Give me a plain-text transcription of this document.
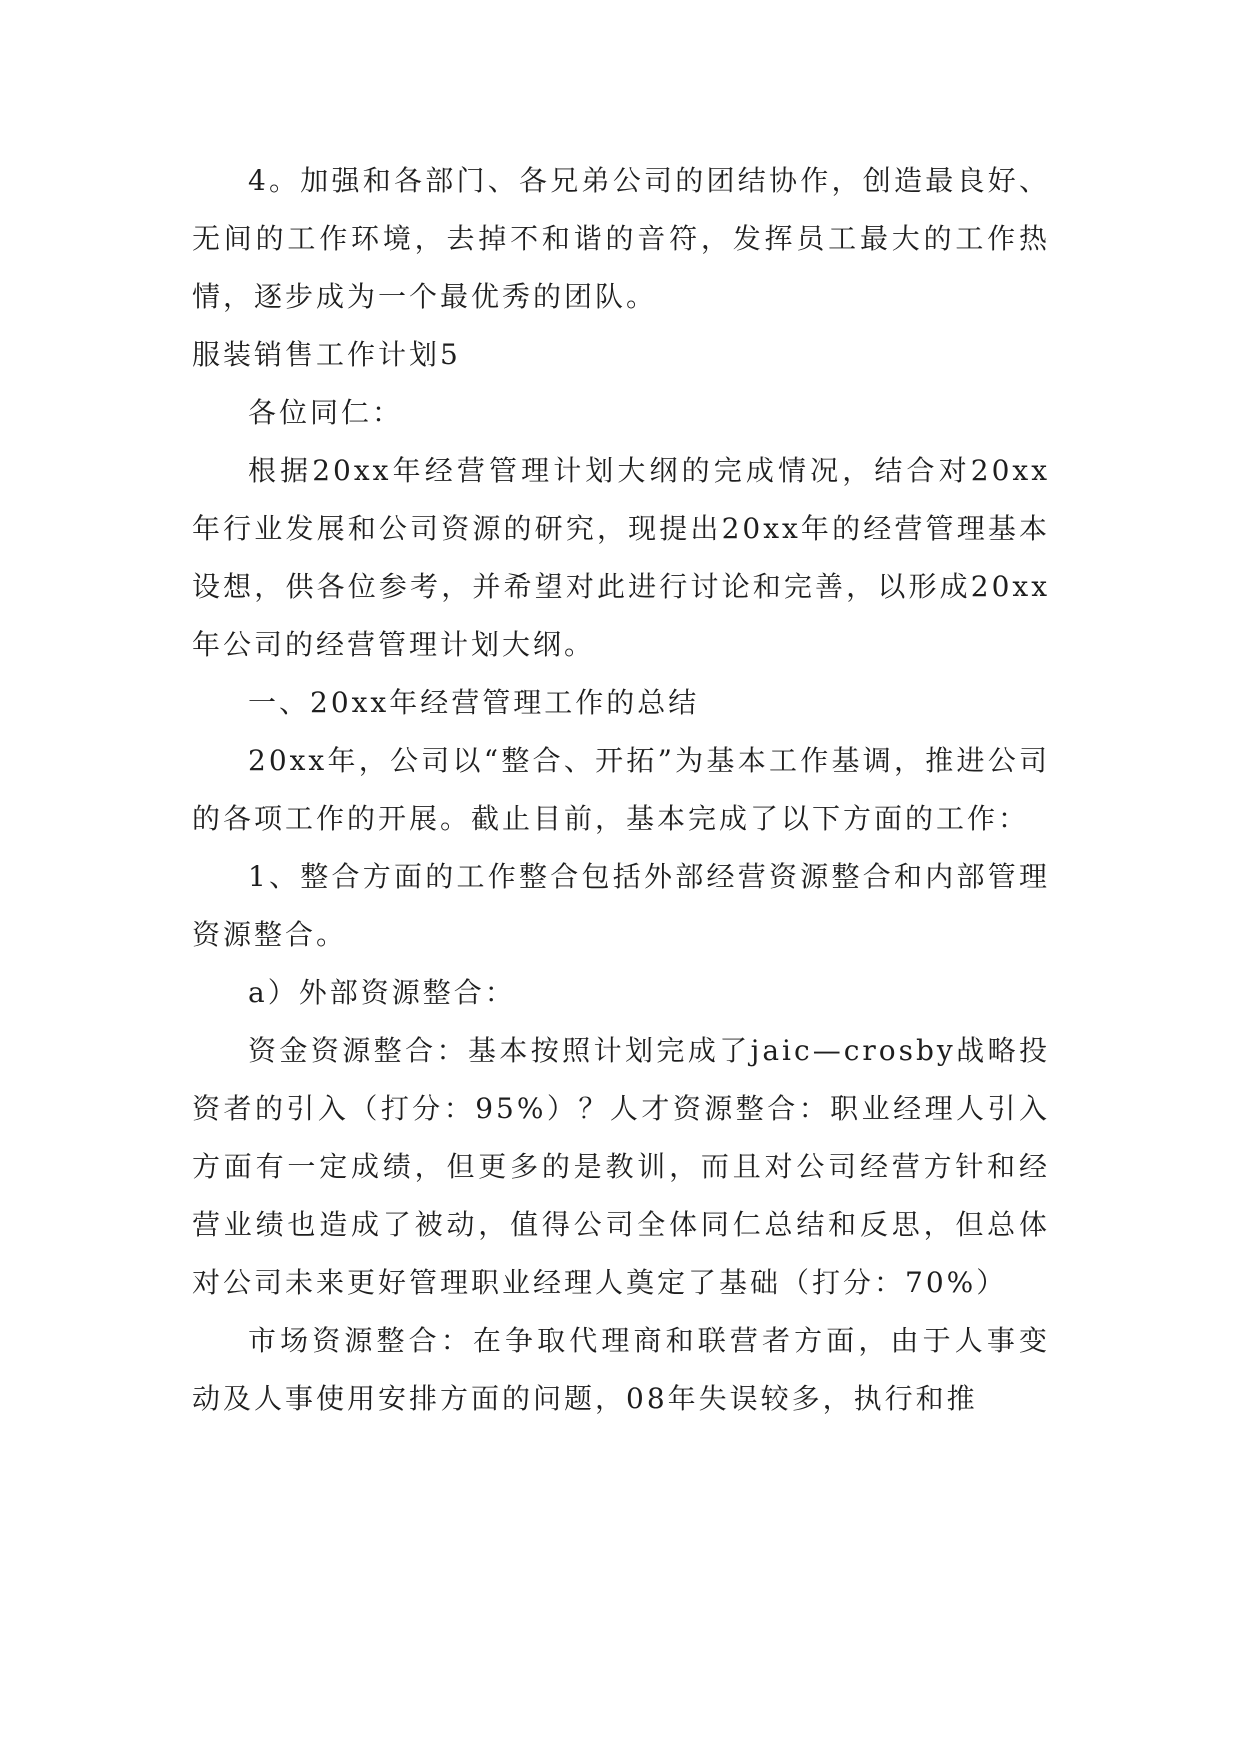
4。加强和各部门、各兄弟公司的团结协作，创造最良好、无间的工作环境，去掉不和谐的音符，发挥员工最大的工作热情，逐步成为一个最优秀的团队。

服装销售工作计划5

各位同仁：

根据20xx年经营管理计划大纲的完成情况，结合对20xx年行业发展和公司资源的研究，现提出20xx年的经营管理基本设想，供各位参考，并希望对此进行讨论和完善，以形成20xx年公司的经营管理计划大纲。

一、20xx年经营管理工作的总结

20xx年，公司以“整合、开拓”为基本工作基调，推进公司的各项工作的开展。截止目前，基本完成了以下方面的工作：

1、整合方面的工作整合包括外部经营资源整合和内部管理资源整合。

a）外部资源整合：

资金资源整合：基本按照计划完成了jaic—crosby战略投资者的引入（打分：95%）？人才资源整合：职业经理人引入方面有一定成绩，但更多的是教训，而且对公司经营方针和经营业绩也造成了被动，值得公司全体同仁总结和反思，但总体对公司未来更好管理职业经理人奠定了基础（打分：70%）

市场资源整合：在争取代理商和联营者方面，由于人事变动及人事使用安排方面的问题，08年失误较多，执行和推
